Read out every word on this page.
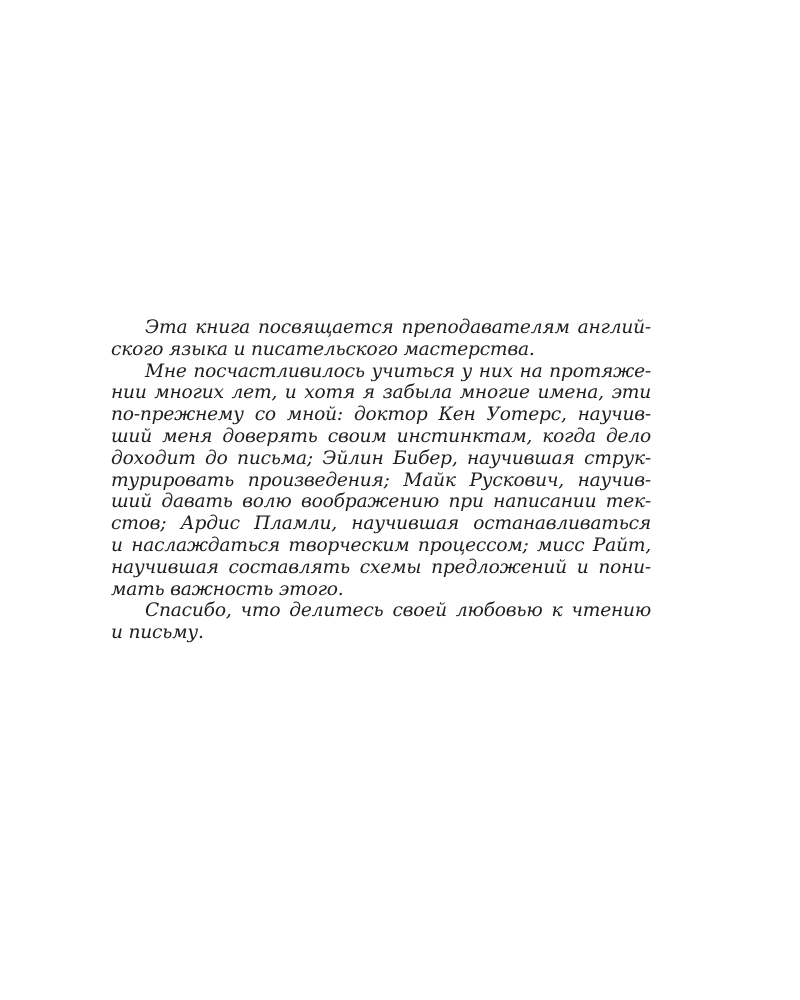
Эта книга посвящается преподавателям англий-
ского языка и писательского мастерства.
Мне посчастливилось учиться у них на протяже-
нии многих лет, и хотя я забыла многие имена, эти
по-прежнему со мной: доктор Кен Уотерс, научив-
ший меня доверять своим инстинктам, когда дело
доходит до письма; Эйлин Бибер, научившая струк-
турировать произведения; Майк Рускович, научив-
ший давать волю воображению при написании тек-
стов; Ардис Пламли, научившая останавливаться
и наслаждаться творческим процессом; мисс Райт,
научившая составлять схемы предложений и пони-
мать важность этого.
Спасибо, что делитесь своей любовью к чтению
и письму.
